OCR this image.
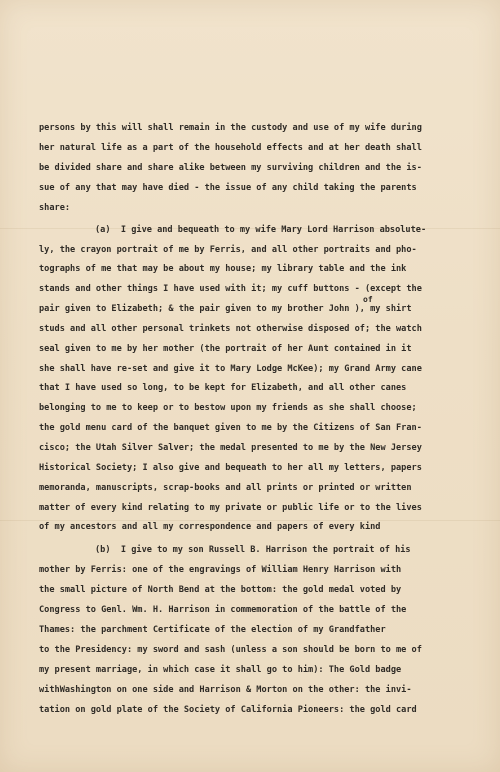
persons by this will shall remain in the custody and use of my wife during
her natural life as a part of the household effects and at her death shall
be divided share and share alike between my surviving children and the is-
sue of any that may have died - the issue of any child taking the parents
share:
(a)  I give and bequeath to my wife Mary Lord Harrison absolute-
ly, the crayon portrait of me by Ferris, and all other portraits and pho-
tographs of me that may be about my house; my library table and the ink
stands and other things I have used with it; my cuff buttons - (except the
pair given to Elizabeth; & the pair given to my brother John ), my shirt
studs and all other personal trinkets not otherwise disposed of; the watch
seal given to me by her mother (the portrait of her Aunt contained in it
she shall have re-set and give it to Mary Lodge McKee); my Grand Army cane
that I have used so long, to be kept for Elizabeth, and all other canes
belonging to me to keep or to bestow upon my friends as she shall choose;
the gold menu card of the banquet given to me by the Citizens of San Fran-
cisco; the Utah Silver Salver; the medal presented to me by the New Jersey
Historical Society; I also give and bequeath to her all my letters, papers
memoranda, manuscripts, scrap-books and all prints or printed or written
matter of every kind relating to my private or public life or to the lives
of my ancestors and all my correspondence and papers of every kind
(b)  I give to my son Russell B. Harrison the portrait of his
mother by Ferris: one of the engravings of William Henry Harrison with
the small picture of North Bend at the bottom: the gold medal voted by
Congress to Genl. Wm. H. Harrison in commemoration of the battle of the
Thames: the parchment Certificate of the election of my Grandfather
to the Presidency: my sword and sash (unless a son should be born to me of
my present marriage, in which case it shall go to him): The Gold badge
withWashington on one side and Harrison & Morton on the other: the invi-
tation on gold plate of the Society of California Pioneers: the gold card
of
